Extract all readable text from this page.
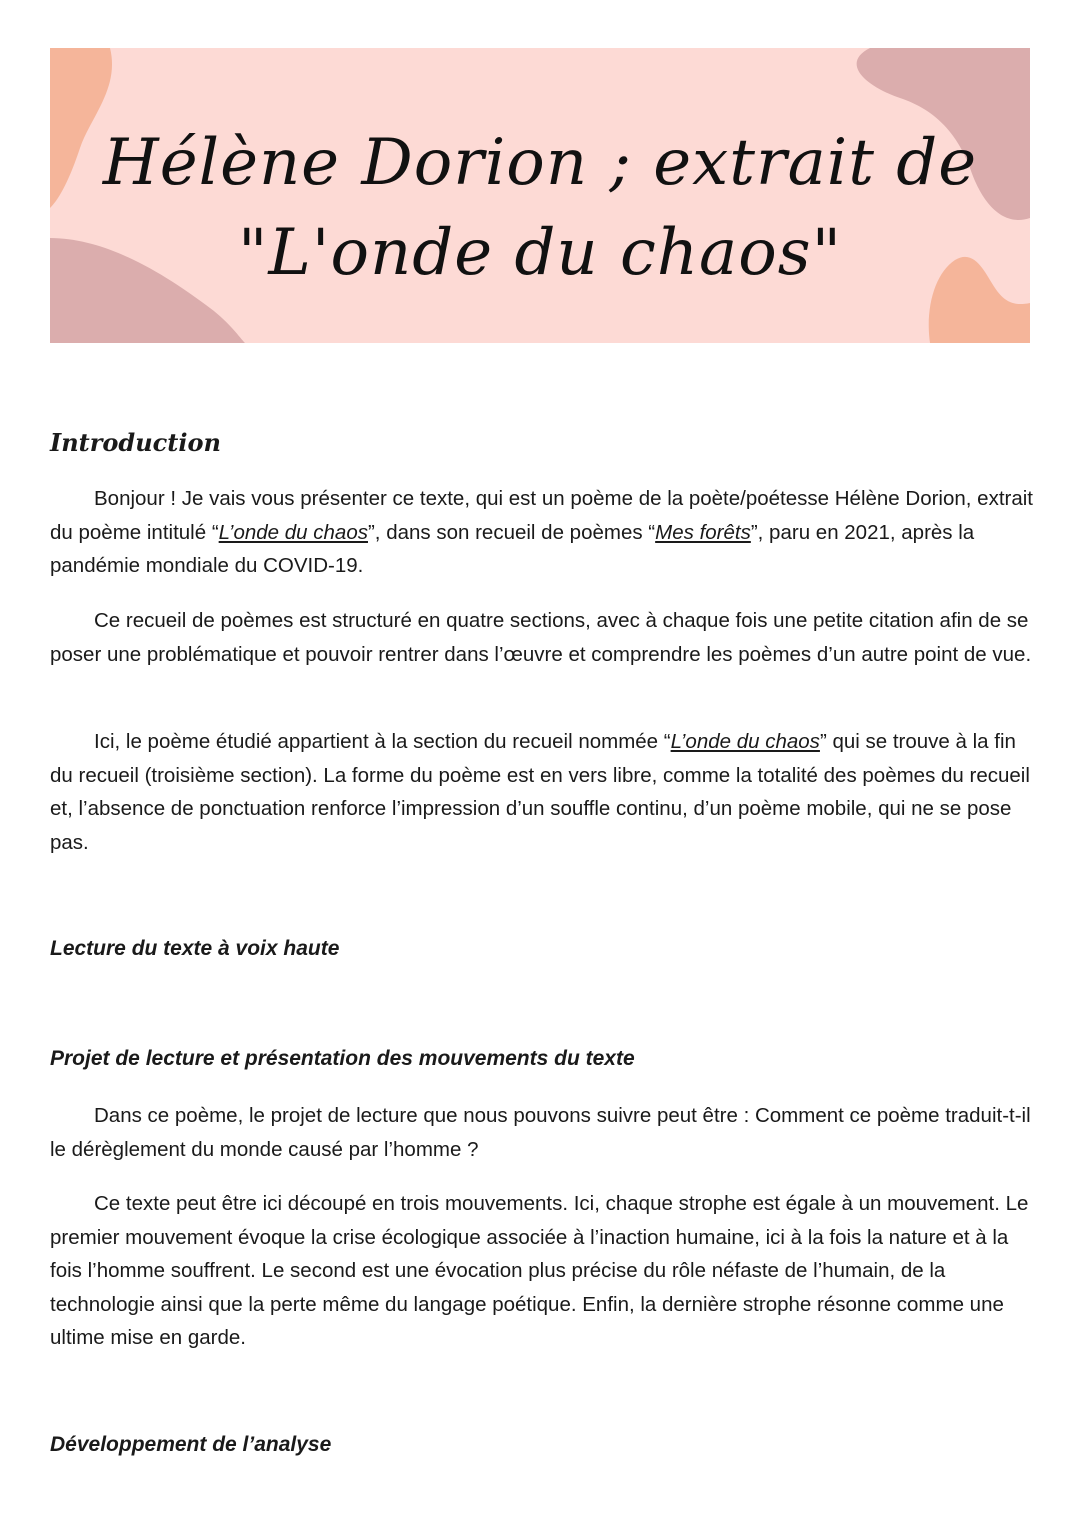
Hélène Dorion ; extrait de
"L'onde du chaos"
Introduction

Bonjour ! Je vais vous présenter ce texte, qui est un poème de la poète/poétesse Hélène Dorion, extrait du poème intitulé “L’onde du chaos”, dans son recueil de poèmes “Mes forêts”, paru en 2021, après la pandémie mondiale du COVID-19.

Ce recueil de poèmes est structuré en quatre sections, avec à chaque fois une petite citation afin de se poser une problématique et pouvoir rentrer dans l’œuvre et comprendre les poèmes d’un autre point de vue.

Ici, le poème étudié appartient à la section du recueil nommée “L’onde du chaos” qui se trouve à la fin du recueil (troisième section). La forme du poème est en vers libre, comme la totalité des poèmes du recueil et, l’absence de ponctuation renforce l’impression d’un souffle continu, d’un poème mobile, qui ne se pose pas.

Lecture du texte à voix haute
Projet de lecture et présentation des mouvements du texte

Dans ce poème, le projet de lecture que nous pouvons suivre peut être : Comment ce poème traduit-t-il le dérèglement du monde causé par l’homme ?

Ce texte peut être ici découpé en trois mouvements. Ici, chaque strophe est égale à un mouvement. Le premier mouvement évoque la crise écologique associée à l’inaction humaine, ici à la fois la nature et à la fois l’homme souffrent. Le second est une évocation plus précise du rôle néfaste de l’humain, de la technologie ainsi que la perte même du langage poétique. Enfin, la dernière strophe résonne comme une ultime mise en garde.

Développement de l’analyse
